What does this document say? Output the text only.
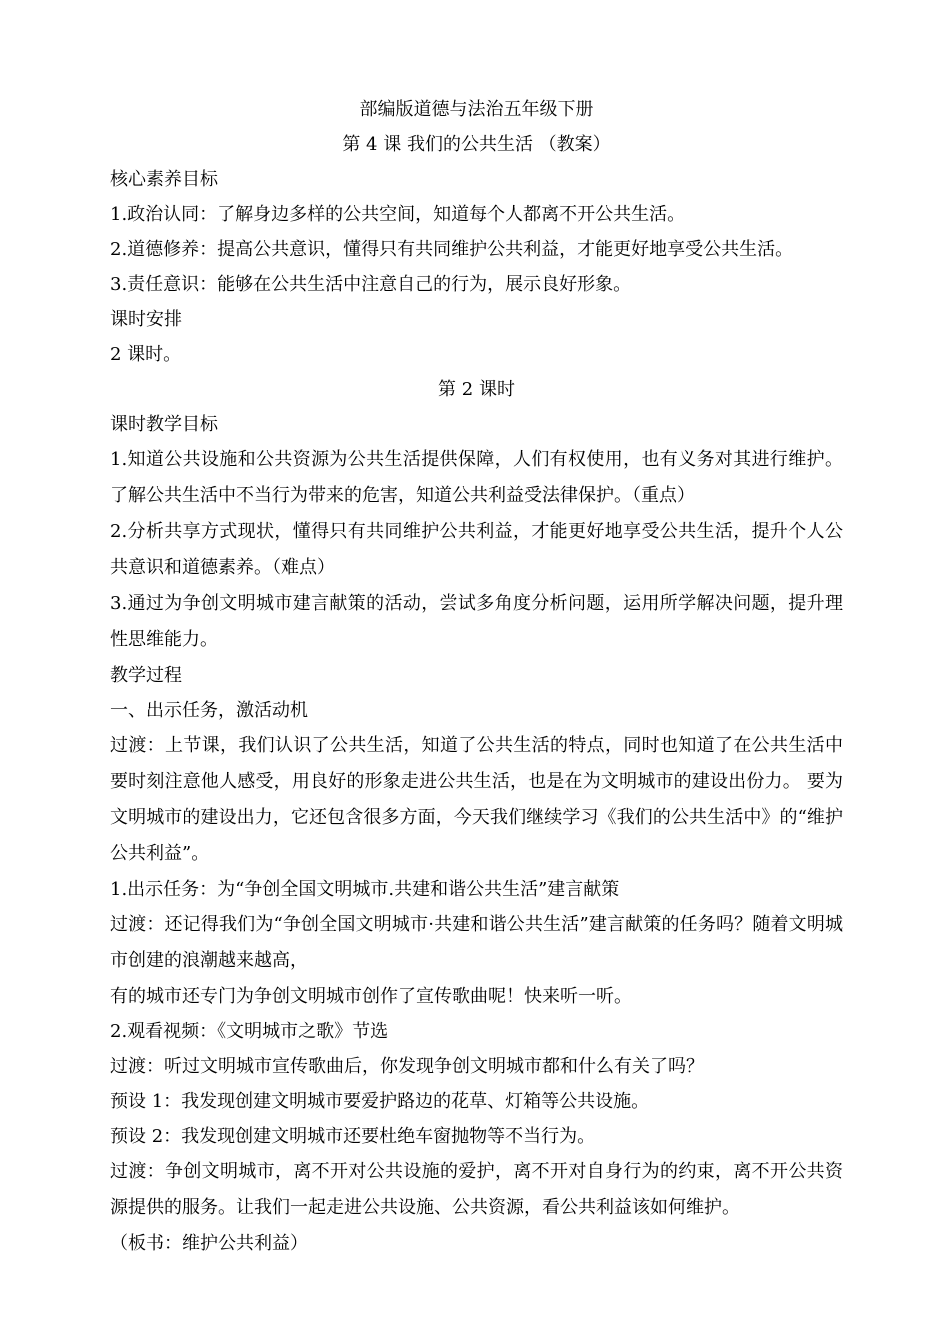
部编版道德与法治五年级下册
第 4 课 我们的公共生活 （教案）
核心素养目标
1.政治认同：了解身边多样的公共空间，知道每个人都离不开公共生活。
2.道德修养：提高公共意识，懂得只有共同维护公共利益，才能更好地享受公共生活。
3.责任意识：能够在公共生活中注意自己的行为，展示良好形象。
课时安排
2 课时。
第 2 课时
课时教学目标
1.知道公共设施和公共资源为公共生活提供保障，人们有权使用，也有义务对其进行维护。了解公共生活中不当行为带来的危害，知道公共利益受法律保护。（重点）
2.分析共享方式现状，懂得只有共同维护公共利益，才能更好地享受公共生活，提升个人公共意识和道德素养。（难点）
3.通过为争创文明城市建言献策的活动，尝试多角度分析问题，运用所学解决问题，提升理性思维能力。
教学过程
一、出示任务，激活动机
过渡：上节课，我们认识了公共生活，知道了公共生活的特点，同时也知道了在公共生活中要时刻注意他人感受，用良好的形象走进公共生活，也是在为文明城市的建设出份力。 要为文明城市的建设出力，它还包含很多方面，今天我们继续学习《我们的公共生活中》的“维护公共利益”。
1.出示任务：为“争创全国文明城市.共建和谐公共生活”建言献策
过渡：还记得我们为“争创全国文明城市·共建和谐公共生活”建言献策的任务吗？随着文明城市创建的浪潮越来越高，
有的城市还专门为争创文明城市创作了宣传歌曲呢！快来听一听。
2.观看视频：《文明城市之歌》节选
过渡：听过文明城市宣传歌曲后，你发现争创文明城市都和什么有关了吗？
预设 1：我发现创建文明城市要爱护路边的花草、灯箱等公共设施。
预设 2：我发现创建文明城市还要杜绝车窗抛物等不当行为。
过渡：争创文明城市，离不开对公共设施的爱护，离不开对自身行为的约束，离不开公共资源提供的服务。让我们一起走进公共设施、公共资源，看公共利益该如何维护。
（板书：维护公共利益）
